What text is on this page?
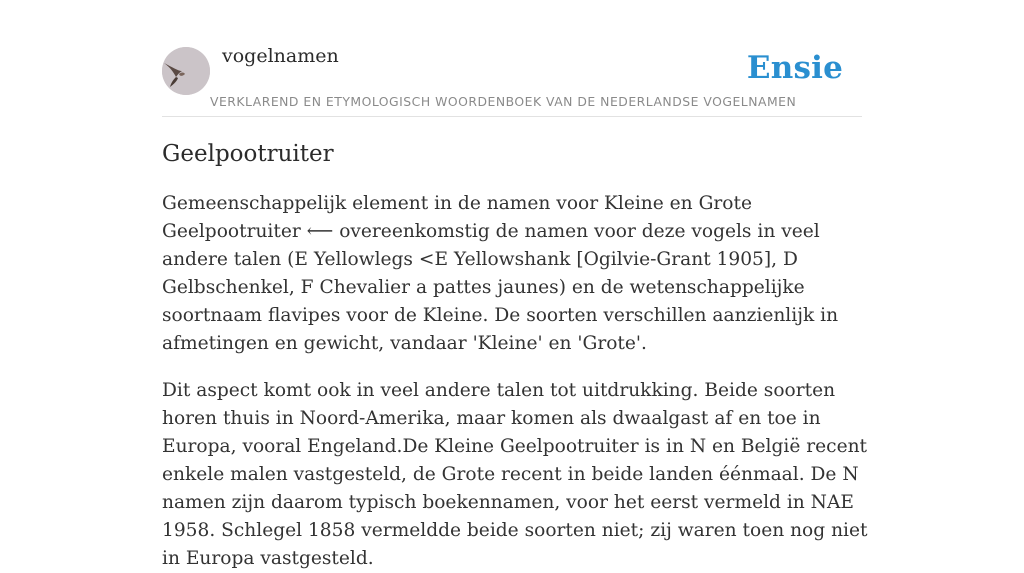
vogelnamen	Ensie
VERKLAREND EN ETYMOLOGISCH WOORDENBOEK VAN DE NEDERLANDSE VOGELNAMEN
Geelpootruiter

Gemeenschappelijk element in de namen voor Kleine en Grote Geelpootruiter ⟵ overeenkomstig de namen voor deze vogels in veel andere talen (E Yellowlegs <E Yellowshank [Ogilvie-Grant 1905], D Gelbschenkel, F Chevalier a pattes jaunes) en de wetenschappelijke soortnaam flavipes voor de Kleine. De soorten verschillen aanzienlijk in afmetingen en gewicht, vandaar 'Kleine' en 'Grote'.

Dit aspect komt ook in veel andere talen tot uitdrukking. Beide soorten horen thuis in Noord-Amerika, maar komen als dwaalgast af en toe in Europa, vooral Engeland.De Kleine Geelpootruiter is in N en België recent enkele malen vastgesteld, de Grote recent in beide landen éénmaal. De N namen zijn daarom typisch boekennamen, voor het eerst vermeld in NAE 1958. Schlegel 1858 vermeldde beide soorten niet; zij waren toen nog niet in Europa vastgesteld.
